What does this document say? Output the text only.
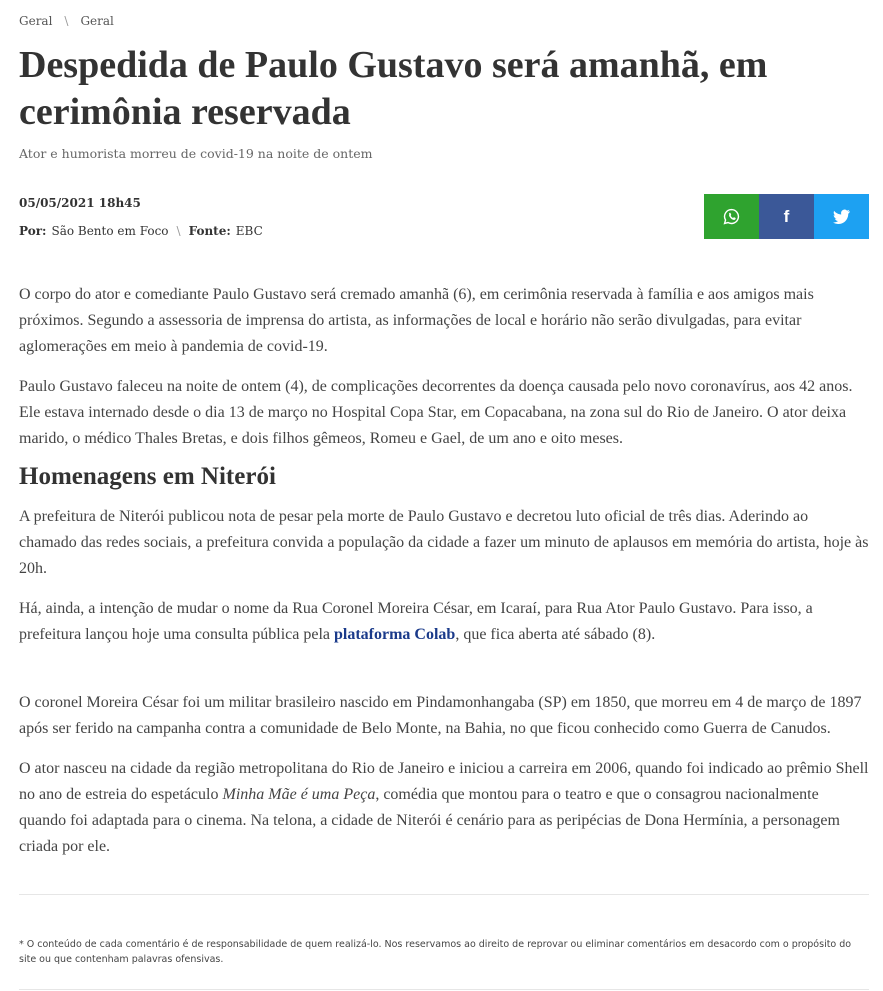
Geral \ Geral
Despedida de Paulo Gustavo será amanhã, em cerimônia reservada
Ator e humorista morreu de covid-19 na noite de ontem
05/05/2021 18h45
Por: São Bento em Foco \ Fonte: EBC
f

O corpo do ator e comediante Paulo Gustavo será cremado amanhã (6), em cerimônia reservada à família e aos amigos mais próximos. Segundo a assessoria de imprensa do artista, as informações de local e horário não serão divulgadas, para evitar aglomerações em meio à pandemia de covid-19.

Paulo Gustavo faleceu na noite de ontem (4), de complicações decorrentes da doença causada pelo novo coronavírus, aos 42 anos. Ele estava internado desde o dia 13 de março no Hospital Copa Star, em Copacabana, na zona sul do Rio de Janeiro. O ator deixa marido, o médico Thales Bretas, e dois filhos gêmeos, Romeu e Gael, de um ano e oito meses.

Homenagens em Niterói

A prefeitura de Niterói publicou nota de pesar pela morte de Paulo Gustavo e decretou luto oficial de três dias. Aderindo ao chamado das redes sociais, a prefeitura convida a população da cidade a fazer um minuto de aplausos em memória do artista, hoje às 20h.

Há, ainda, a intenção de mudar o nome da Rua Coronel Moreira César, em Icaraí, para Rua Ator Paulo Gustavo. Para isso, a prefeitura lançou hoje uma consulta pública pela plataforma Colab, que fica aberta até sábado (8).

O coronel Moreira César foi um militar brasileiro nascido em Pindamonhangaba (SP) em 1850, que morreu em 4 de março de 1897 após ser ferido na campanha contra a comunidade de Belo Monte, na Bahia, no que ficou conhecido como Guerra de Canudos.

O ator nasceu na cidade da região metropolitana do Rio de Janeiro e iniciou a carreira em 2006, quando foi indicado ao prêmio Shell no ano de estreia do espetáculo Minha Mãe é uma Peça, comédia que montou para o teatro e que o consagrou nacionalmente quando foi adaptada para o cinema. Na telona, a cidade de Niterói é cenário para as peripécias de Dona Hermínia, a personagem criada por ele.

* O conteúdo de cada comentário é de responsabilidade de quem realizá-lo. Nos reservamos ao direito de reprovar ou eliminar comentários em desacordo com o propósito do site ou que contenham palavras ofensivas.
